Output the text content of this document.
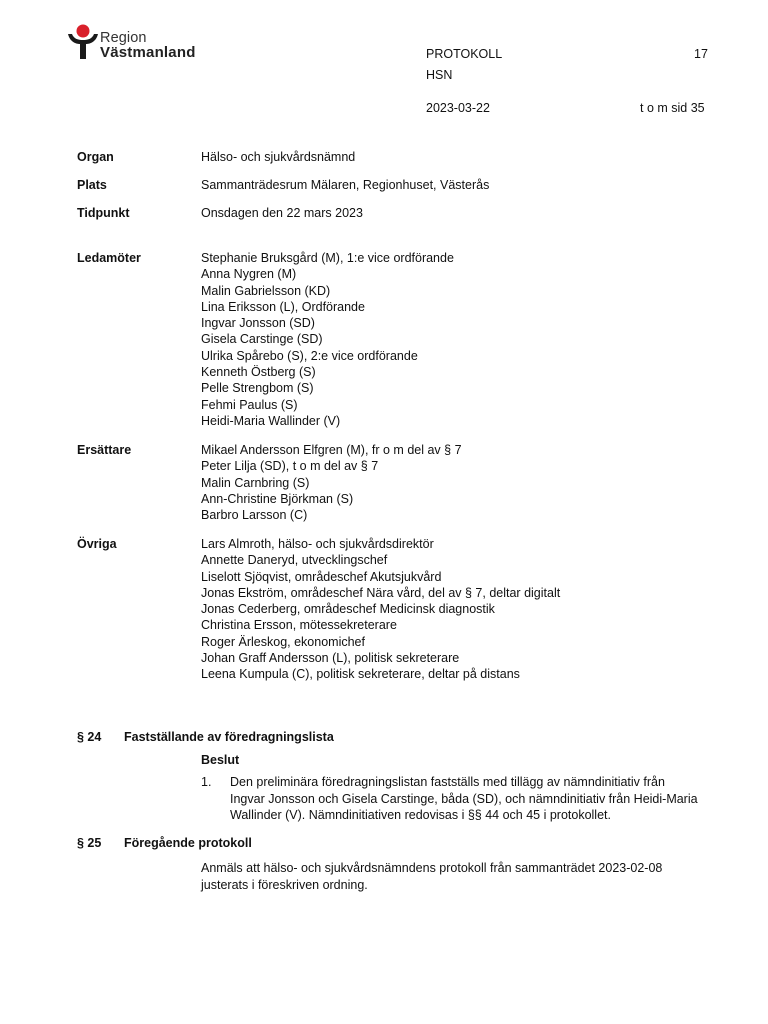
Region
Västmanland	PROTOKOLL	17
HSN
2023-03-22	t o m sid 35
Organ	Hälso- och sjukvårdsnämnd
Plats	Sammanträdesrum Mälaren, Regionhuset, Västerås
Tidpunkt	Onsdagen den 22 mars 2023
Ledamöter	Stephanie Bruksgård (M), 1:e vice ordförande
Anna Nygren (M)
Malin Gabrielsson (KD)
Lina Eriksson (L), Ordförande
Ingvar Jonsson (SD)
Gisela Carstinge (SD)
Ulrika Spårebo (S), 2:e vice ordförande
Kenneth Östberg (S)
Pelle Strengbom (S)
Fehmi Paulus (S)
Heidi-Maria Wallinder (V)
Ersättare	Mikael Andersson Elfgren (M), fr o m del av § 7
Peter Lilja (SD), t o m del av § 7
Malin Carnbring (S)
Ann-Christine Björkman (S)
Barbro Larsson (C)
Övriga	Lars Almroth, hälso- och sjukvårdsdirektör
Annette Daneryd, utvecklingschef
Liselott Sjöqvist, områdeschef Akutsjukvård
Jonas Ekström, områdeschef Nära vård, del av § 7, deltar digitalt
Jonas Cederberg, områdeschef Medicinsk diagnostik
Christina Ersson, mötessekreterare
Roger Ärleskog, ekonomichef
Johan Graff Andersson (L), politisk sekreterare
Leena Kumpula (C), politisk sekreterare, deltar på distans
§ 24 Fastställande av föredragningslista
Beslut
1.	Den preliminära föredragningslistan fastställs med tillägg av nämndinitiativ från Ingvar Jonsson och Gisela Carstinge, båda (SD), och nämndinitiativ från Heidi-Maria Wallinder (V). Nämndinitiativen redovisas i §§ 44 och 45 i protokollet.
§ 25 Föregående protokoll
Anmäls att hälso- och sjukvårdsnämndens protokoll från sammanträdet 2023-02-08 justerats i föreskriven ordning.
